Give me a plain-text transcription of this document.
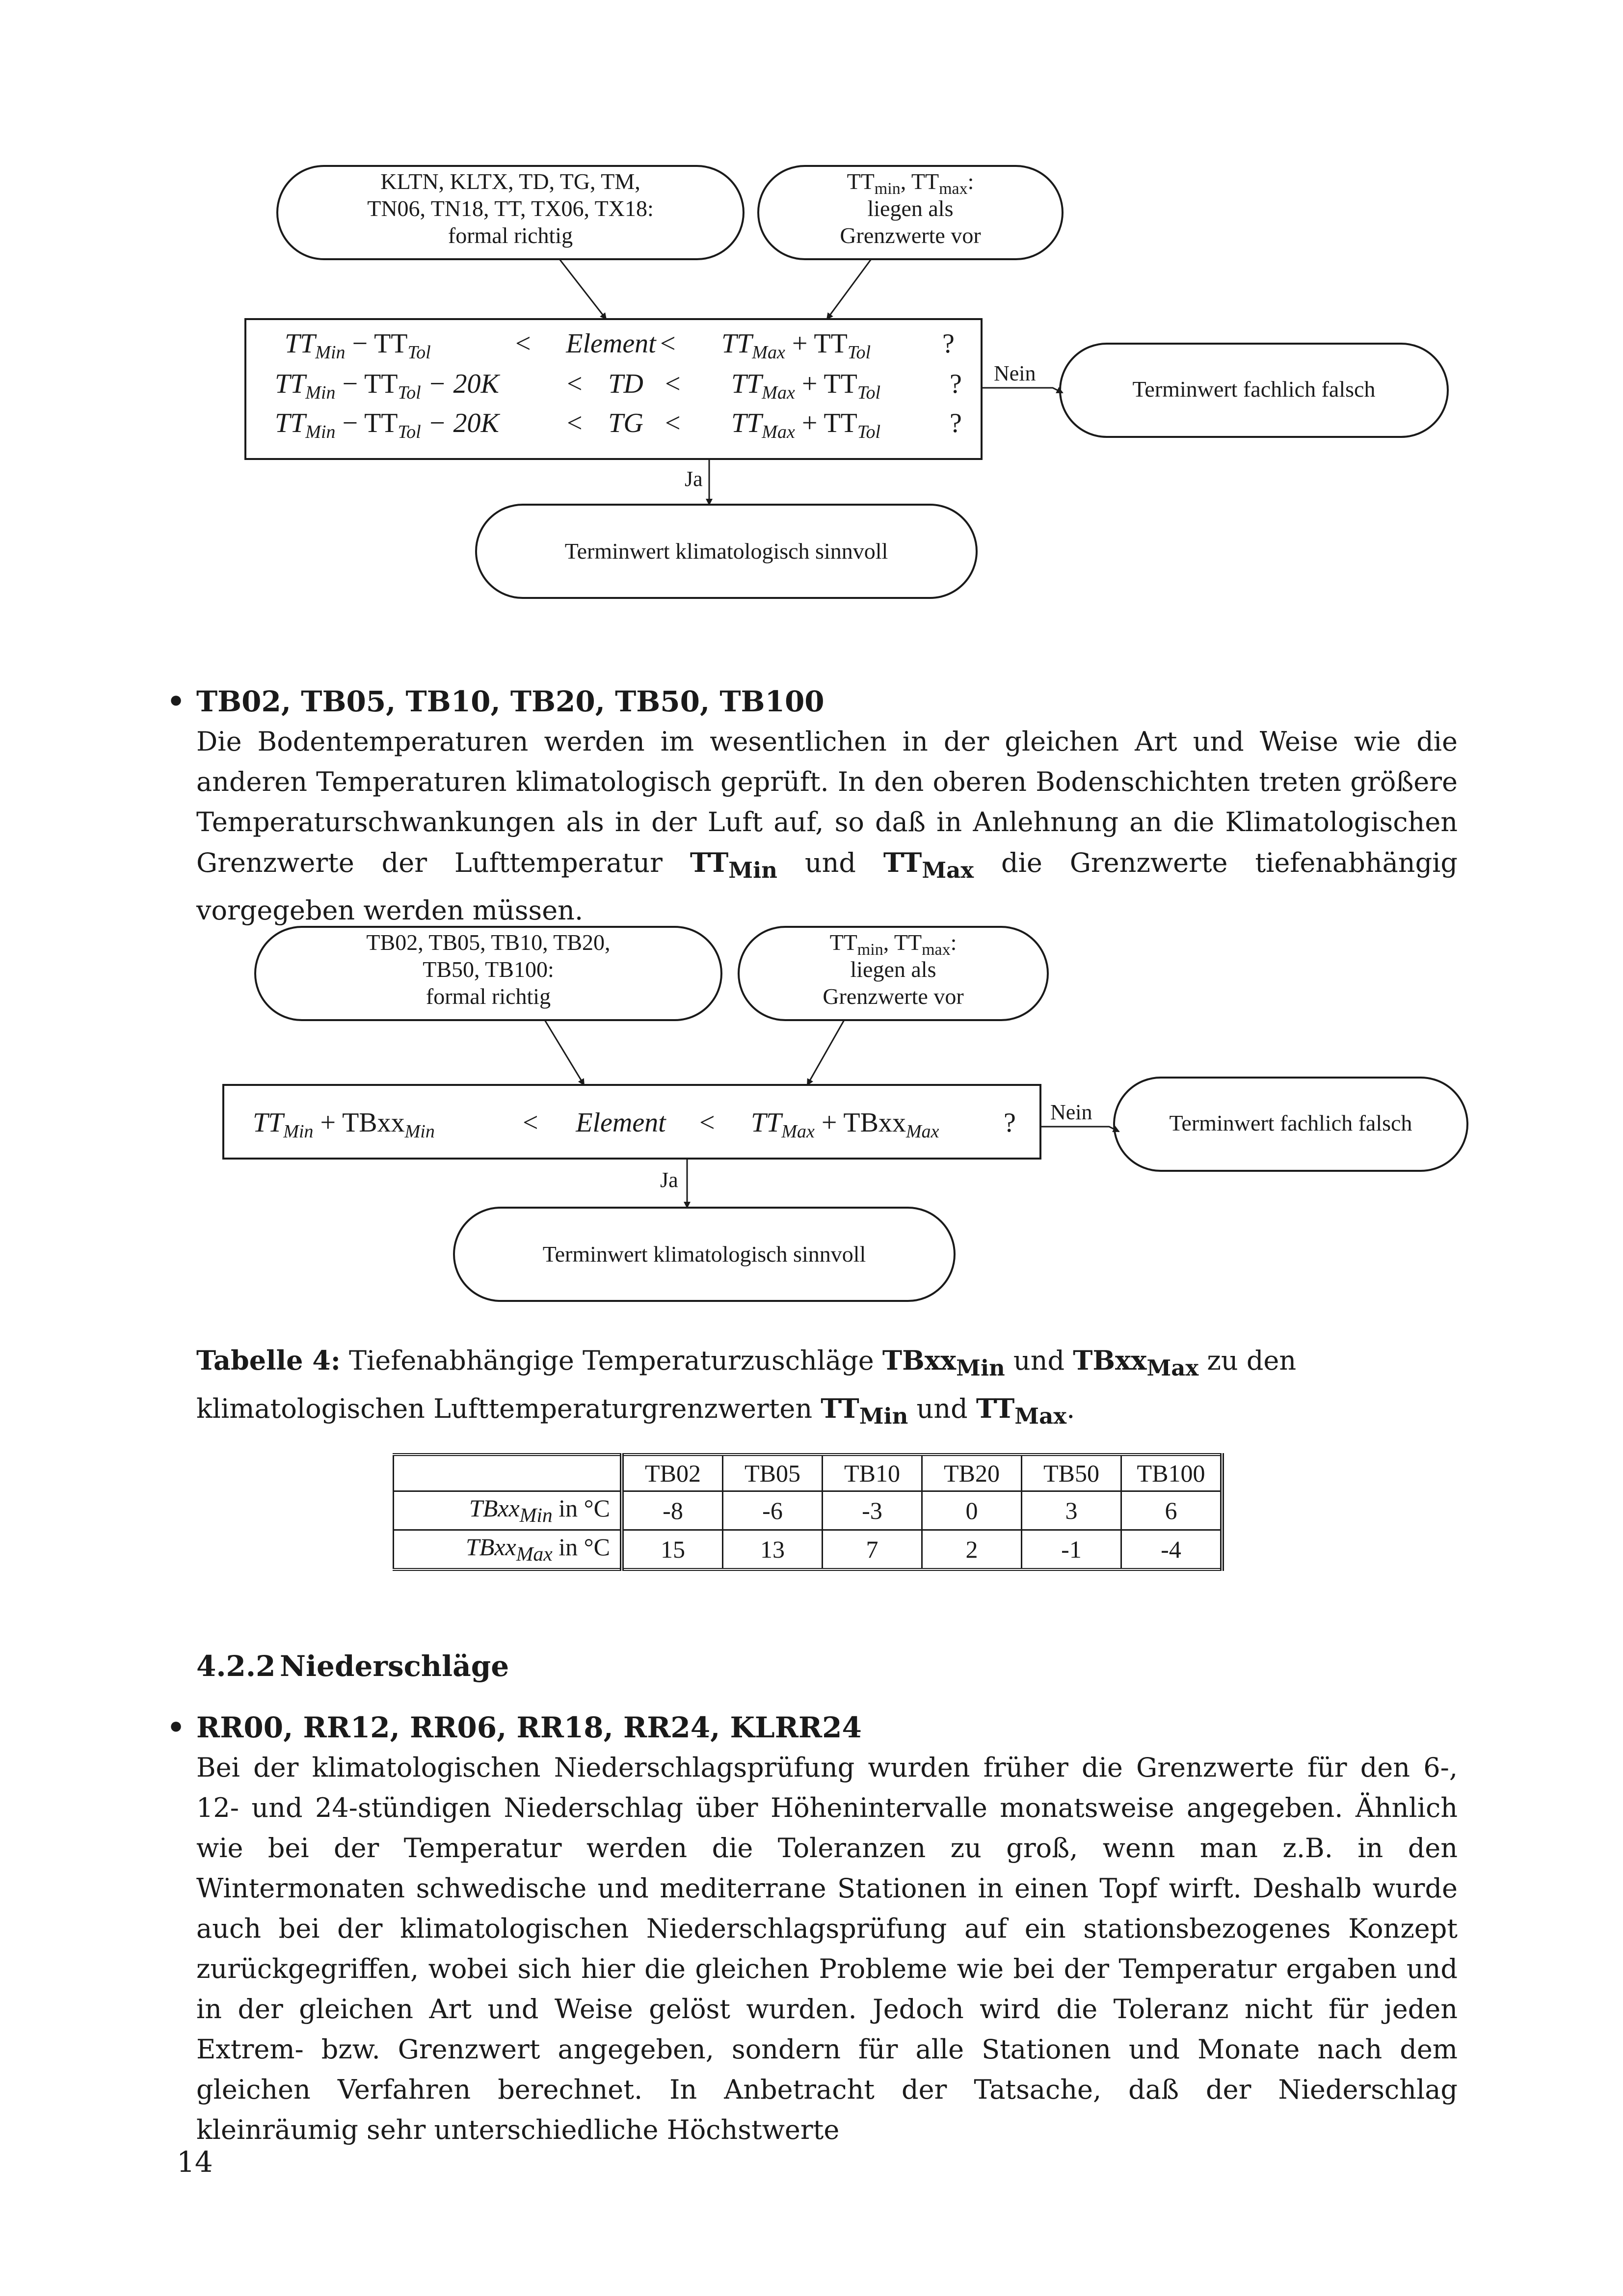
KLTN, KLTX, TD, TG, TM,
TN06, TN18, TT, TX06, TX18:
formal richtig
$TT_{min}$, $TT_{max}$:
liegen als
Grenzwerte vor
$TT_{Min} - TT_{Tol}$	< Element < $TT_{Max} + TT_{Tol}$	?
$TT_{Min} - TT_{Tol} - 20K$ < TD < $TT_{Max} + TT_{Tol}$	?
$TT_{Min} - TT_{Tol} - 20K$ < TG < $TT_{Max} + TT_{Tol}$	?
Nein
Terminwert fachlich falsch
Ja
Terminwert klimatologisch sinnvoll
• TB02, TB05, TB10, TB20, TB50, TB100
Die Bodentemperaturen werden im wesentlichen in der gleichen Art und Weise wie die anderen Temperaturen klimatologisch geprüft. In den oberen Bodenschichten treten größere Temperaturschwankungen als in der Luft auf, so daß in Anlehnung an die Klimatologischen Grenzwerte der Lufttemperatur $TT_{Min}$ und $TT_{Max}$ die Grenzwerte tiefenabhängig vorgegeben werden müssen.
TB02, TB05, TB10, TB20,
TB50, TB100:
formal richtig
$TT_{min}$, $TT_{max}$:
liegen als
Grenzwerte vor
$TT_{Min}$ + TBxx$_{Min}$	< Element < $TT_{Max}$ + TBxx$_{Max}$ ? Nein	Terminwert fachlich falsch
Ja
Terminwert klimatologisch sinnvoll
Tabelle 4: Tiefenabhängige Temperaturzuschläge TBxx$_{Min}$ und TBxx$_{Max}$ zu den klimatologischen Lufttemperaturgrenzwerten $TT_{Min}$ und $TT_{Max}$.
	TB02	TB05	TB10	TB20	TB50	TB100
TBxx$_{Min}$ in °C	-8	-6	-3	0	3	6
TBxx$_{Max}$ in °C	15	13	7	2	-1	-4
4.2.2 Niederschläge
• RR00, RR12, RR06, RR18, RR24, KLRR24
Bei der klimatologischen Niederschlagsprüfung wurden früher die Grenzwerte für den 6-, 12- und 24-stündigen Niederschlag über Höhenintervalle monatsweise angegeben. Ähnlich wie bei der Temperatur werden die Toleranzen zu groß, wenn man z.B. in den Wintermonaten schwedische und mediterrane Stationen in einen Topf wirft. Deshalb wurde auch bei der klimatologischen Niederschlagsprüfung auf ein stationsbezogenes Konzept zurückgegriffen, wobei sich hier die gleichen Probleme wie bei der Temperatur ergaben und in der gleichen Art und Weise gelöst wurden. Jedoch wird die Toleranz nicht für jeden Extrem- bzw. Grenzwert angegeben, sondern für alle Stationen und Monate nach dem gleichen Verfahren berechnet. In Anbetracht der Tatsache, daß der Niederschlag kleinräumig sehr unterschiedliche Höchstwerte
14
